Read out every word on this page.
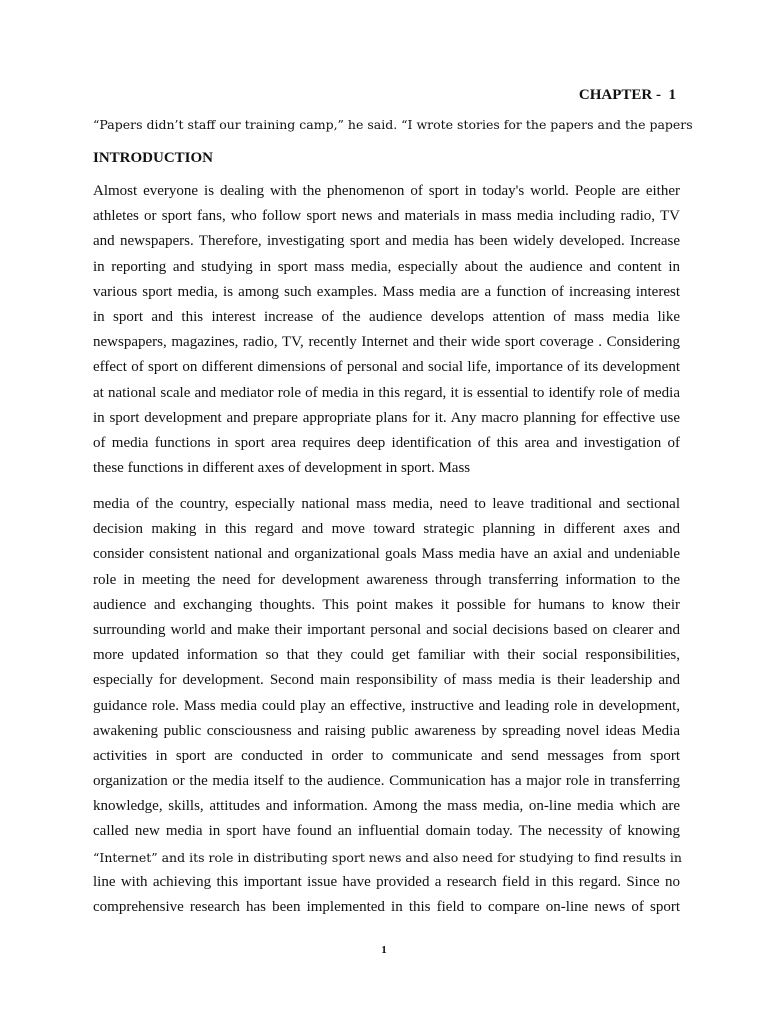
CHAPTER -  1
“Papers didn’t staff our training camp,” he said. “I wrote stories for the papers and the papers
INTRODUCTION
Almost everyone is dealing with the phenomenon of sport in today's world. People are either
athletes or sport fans, who follow sport news and materials in mass media including radio, TV
and newspapers. Therefore, investigating sport and media has been widely developed. Increase
in reporting and studying in sport mass media, especially about the audience and content in
various sport media, is among such examples. Mass media are a function of increasing interest
in sport and this interest increase of the audience develops attention of mass media like
newspapers, magazines, radio, TV, recently Internet and their wide sport coverage . Considering
effect of sport on different dimensions of personal and social life, importance of its development
at national scale and mediator role of media in this regard, it is essential to identify role of media
in sport development and prepare appropriate plans for it. Any macro planning for effective use
of media functions in sport area requires deep identification of this area and investigation of
these functions in different axes of development in sport. Mass
media of the country, especially national mass media, need to leave traditional and sectional
decision making in this regard and move toward strategic planning in different axes and
consider consistent national and organizational goals Mass media have an axial and undeniable
role in meeting the need for development awareness through transferring information to the
audience and exchanging thoughts. This point makes it possible for humans to know their
surrounding world and make their important personal and social decisions based on clearer and
more updated information so that they could get familiar with their social responsibilities,
especially for development. Second main responsibility of mass media is their leadership and
guidance role. Mass media could play an effective, instructive and leading role in development,
awakening public consciousness and raising public awareness by spreading novel ideas Media
activities in sport are conducted in order to communicate and send messages from sport
organization or the media itself to the audience. Communication has a major role in transferring
knowledge, skills, attitudes and information. Among the mass media, on-line media which are
called new media in sport have found an influential domain today. The necessity of knowing
“Internet” and its role in distributing sport news and also need for studying to find results in
line with achieving this important issue have provided a research field in this regard. Since no
comprehensive research has been implemented in this field to compare on-line news of sport
1
